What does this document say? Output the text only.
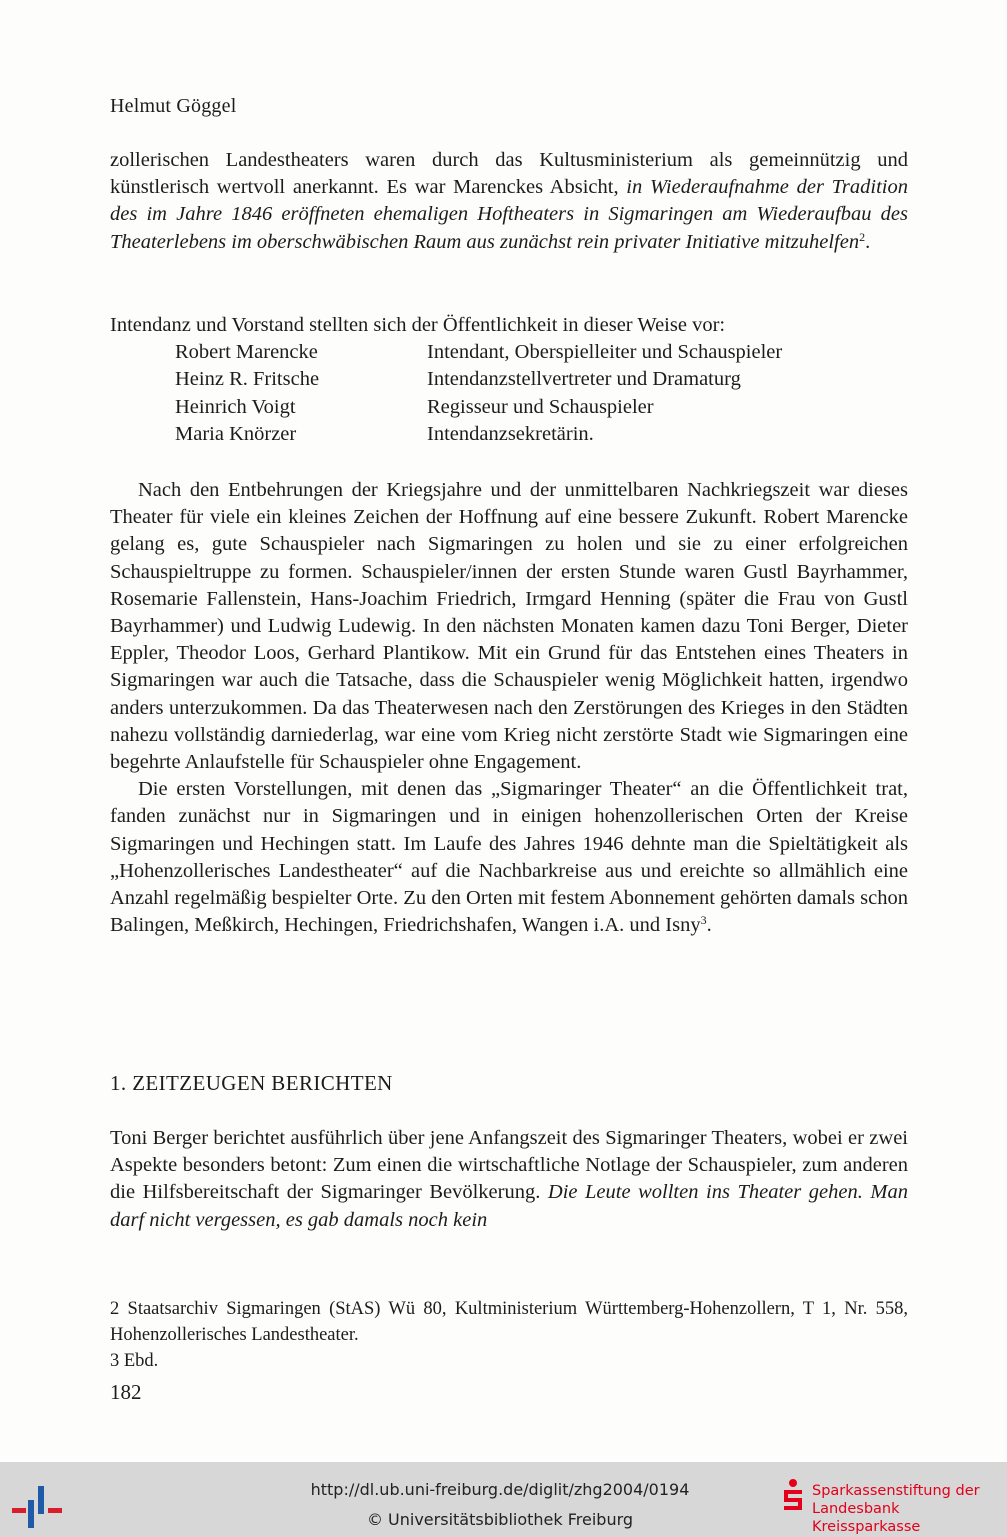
Helmut Göggel

zollerischen Landestheaters waren durch das Kultusministerium als gemeinnützig und künstlerisch wertvoll anerkannt. Es war Marenckes Absicht, in Wiederaufnahme der Tradition des im Jahre 1846 eröffneten ehemaligen Hoftheaters in Sigmaringen am Wiederaufbau des Theaterlebens im oberschwäbischen Raum aus zunächst rein privater Initiative mitzuhelfen$^2$.

Intendanz und Vorstand stellten sich der Öffentlichkeit in dieser Weise vor:

Robert Marencke	Intendant, Oberspielleiter und Schauspieler
Heinz R. Fritsche	Intendanzstellvertreter und Dramaturg
Heinrich Voigt	Regisseur und Schauspieler
Maria Knörzer	Intendanzsekretärin.

Nach den Entbehrungen der Kriegsjahre und der unmittelbaren Nachkriegszeit war dieses Theater für viele ein kleines Zeichen der Hoffnung auf eine bessere Zukunft. Robert Marencke gelang es, gute Schauspieler nach Sigmaringen zu holen und sie zu einer erfolgreichen Schauspieltruppe zu formen. Schauspieler/innen der ersten Stunde waren Gustl Bayrhammer, Rosemarie Fallenstein, Hans-Joachim Friedrich, Irmgard Henning (später die Frau von Gustl Bayrhammer) und Ludwig Ludewig. In den nächsten Monaten kamen dazu Toni Berger, Dieter Eppler, Theodor Loos, Gerhard Plantikow. Mit ein Grund für das Entstehen eines Theaters in Sigmaringen war auch die Tatsache, dass die Schauspieler wenig Möglichkeit hatten, irgendwo anders unterzukommen. Da das Theaterwesen nach den Zerstörungen des Krieges in den Städten nahezu vollständig darniederlag, war eine vom Krieg nicht zerstörte Stadt wie Sigmaringen eine begehrte Anlaufstelle für Schauspieler ohne Engagement.

Die ersten Vorstellungen, mit denen das „Sigmaringer Theater“ an die Öffentlichkeit trat, fanden zunächst nur in Sigmaringen und in einigen hohenzollerischen Orten der Kreise Sigmaringen und Hechingen statt. Im Laufe des Jahres 1946 dehnte man die Spieltätigkeit als „Hohenzollerisches Landestheater“ auf die Nachbarkreise aus und ereichte so allmählich eine Anzahl regelmäßig bespielter Orte. Zu den Orten mit festem Abonnement gehörten damals schon Balingen, Meßkirch, Hechingen, Friedrichshafen, Wangen i.A. und Isny$^3$.

1. ZEITZEUGEN BERICHTEN

Toni Berger berichtet ausführlich über jene Anfangszeit des Sigmaringer Theaters, wobei er zwei Aspekte besonders betont: Zum einen die wirtschaftliche Notlage der Schauspieler, zum anderen die Hilfsbereitschaft der Sigmaringer Bevölkerung. Die Leute wollten ins Theater gehen. Man darf nicht vergessen, es gab damals noch kein

2 Staatsarchiv Sigmaringen (StAS) Wü 80, Kultministerium Württemberg-Hohenzollern, T 1, Nr. 558, Hohenzollerisches Landestheater.
3 Ebd.
182
http://dl.ub.uni-freiburg.de/diglit/zhg2004/0194
© Universitätsbibliothek Freiburg
Sparkassenstiftung der
Landesbank Kreissparkasse
